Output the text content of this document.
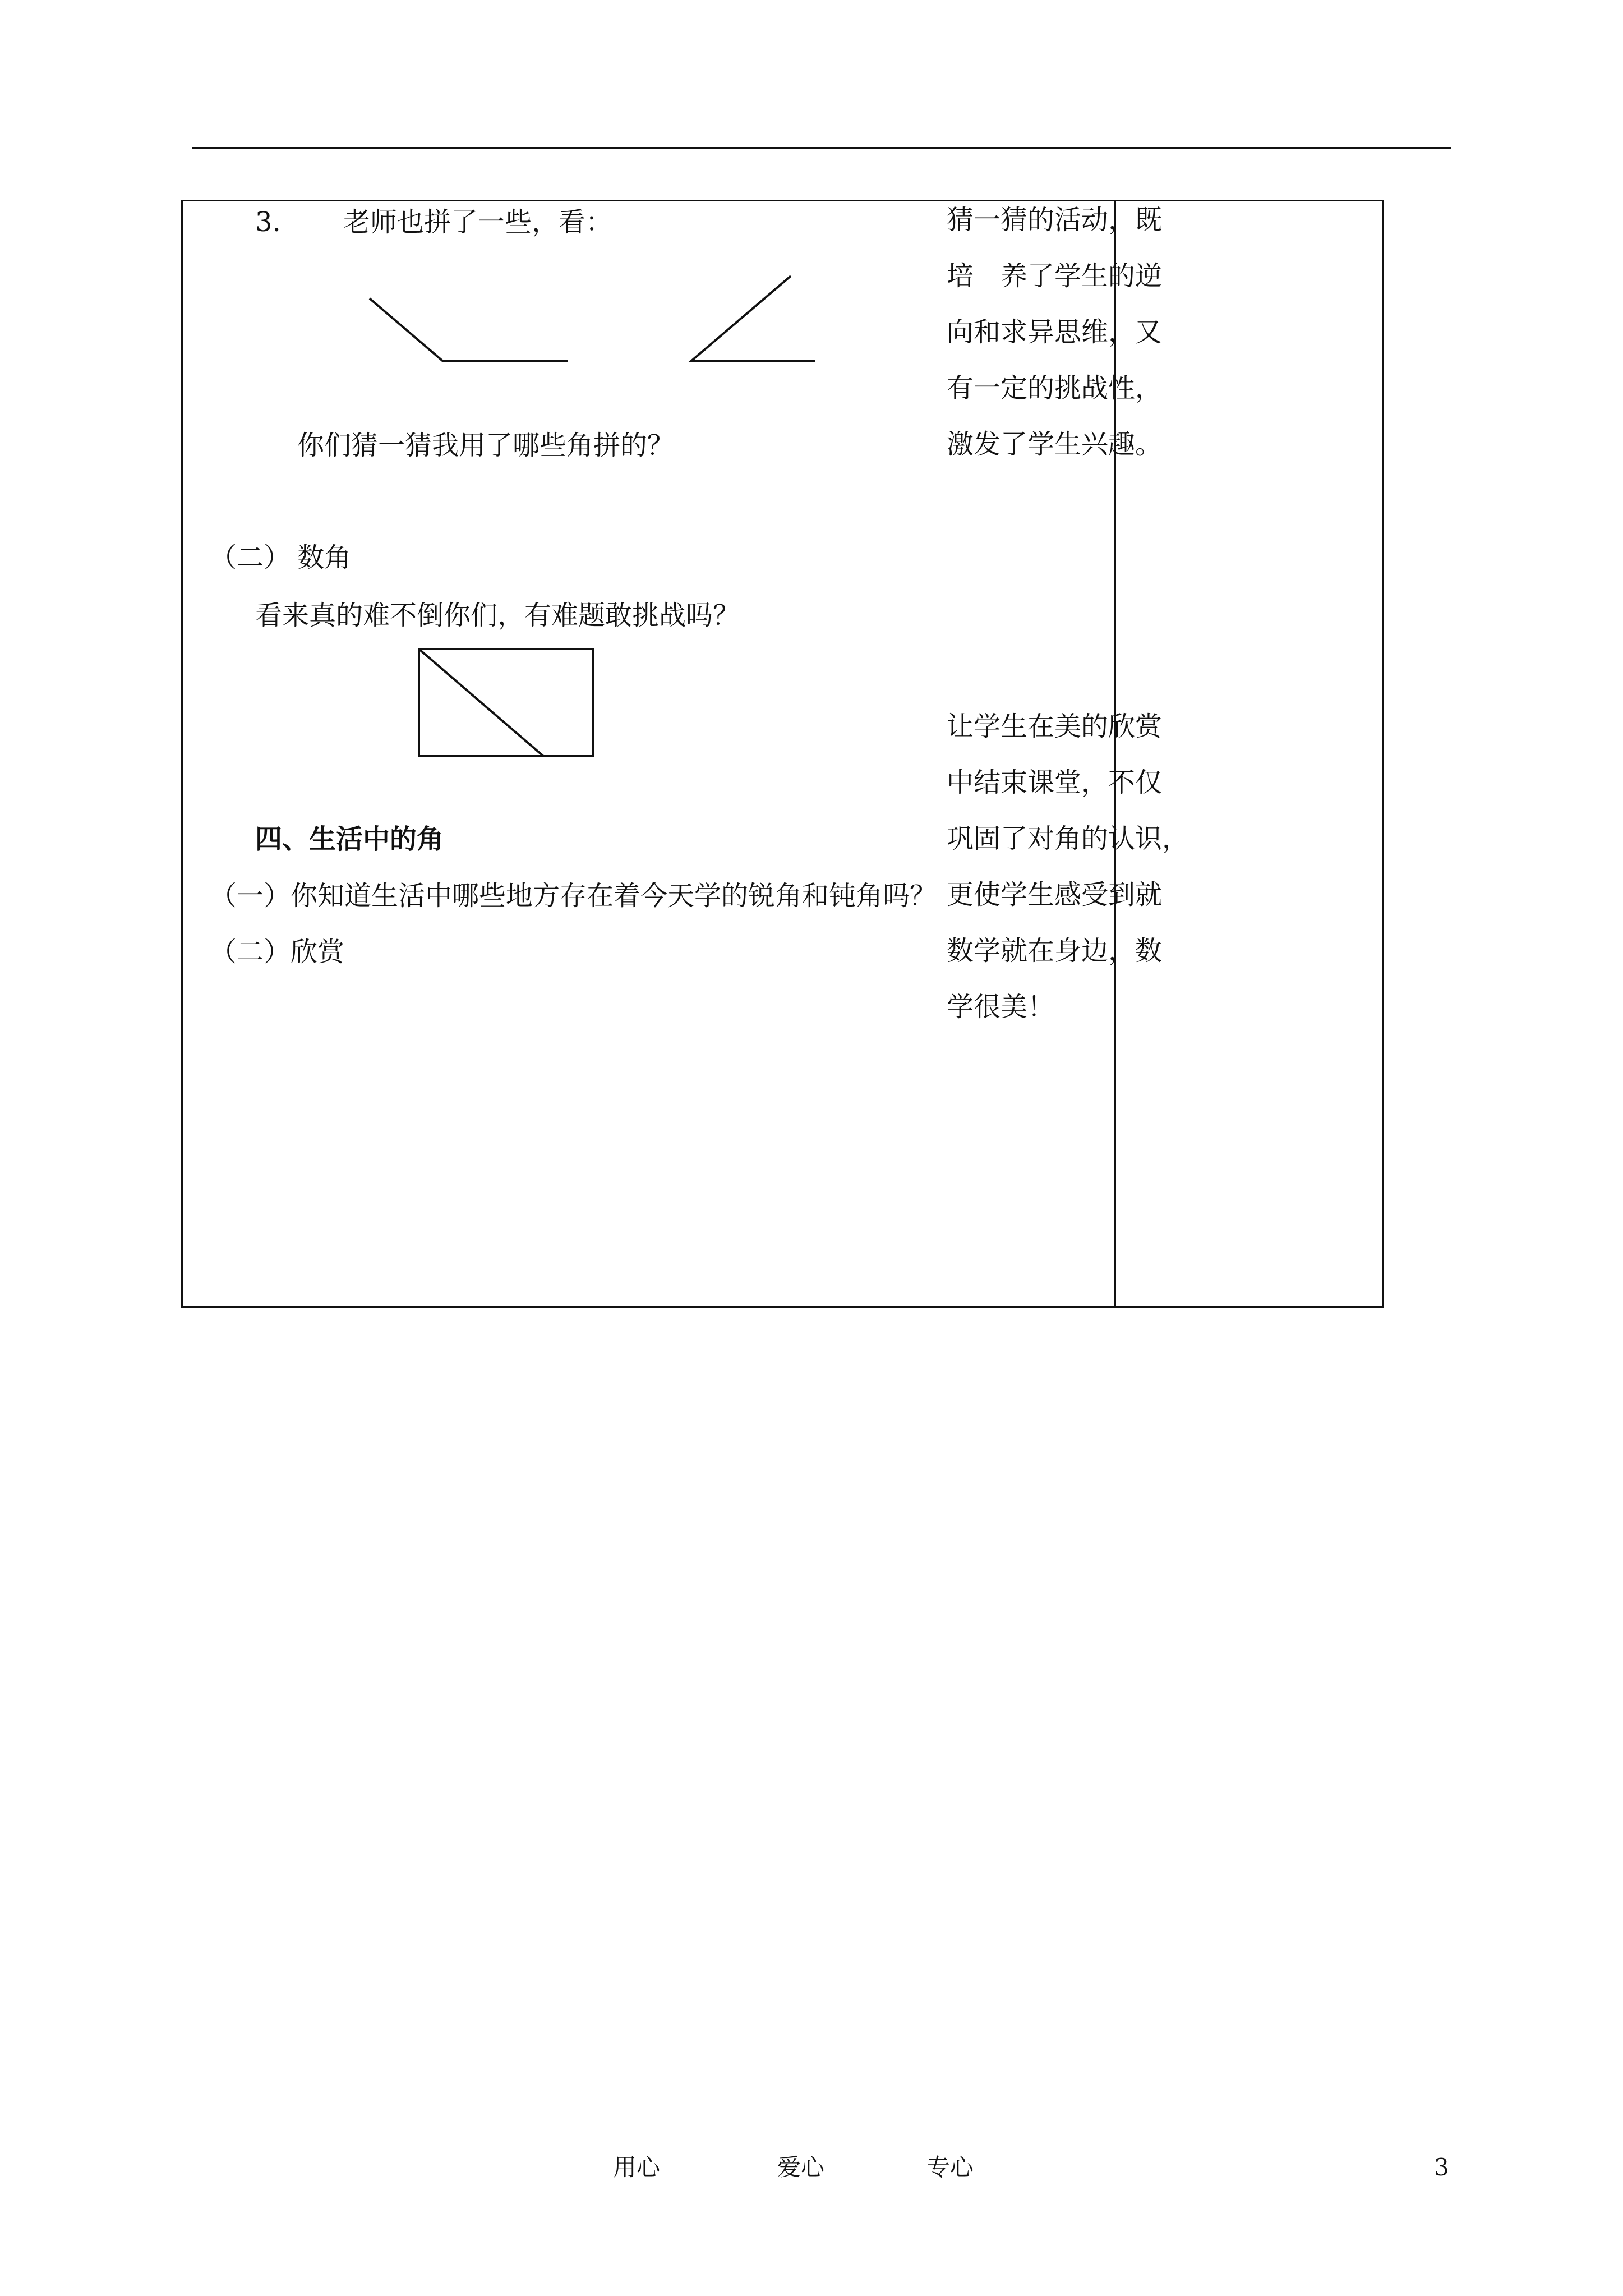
3. 老师也拼了一些，看：
你们猜一猜我用了哪些角拼的？
（二） 数角
看来真的难不倒你们，有难题敢挑战吗？
四、生活中的角
（一）你知道生活中哪些地方存在着今天学的锐角和钝角吗？
（二）欣赏
猜一猜的活动，既
培　养了学生的逆
向和求异思维，又
有一定的挑战性，
激发了学生兴趣。
让学生在美的欣赏
中结束课堂，不仅
巩固了对角的认识，
更使学生感受到就
数学就在身边，数
学很美！
用心	爱心	专心	3
